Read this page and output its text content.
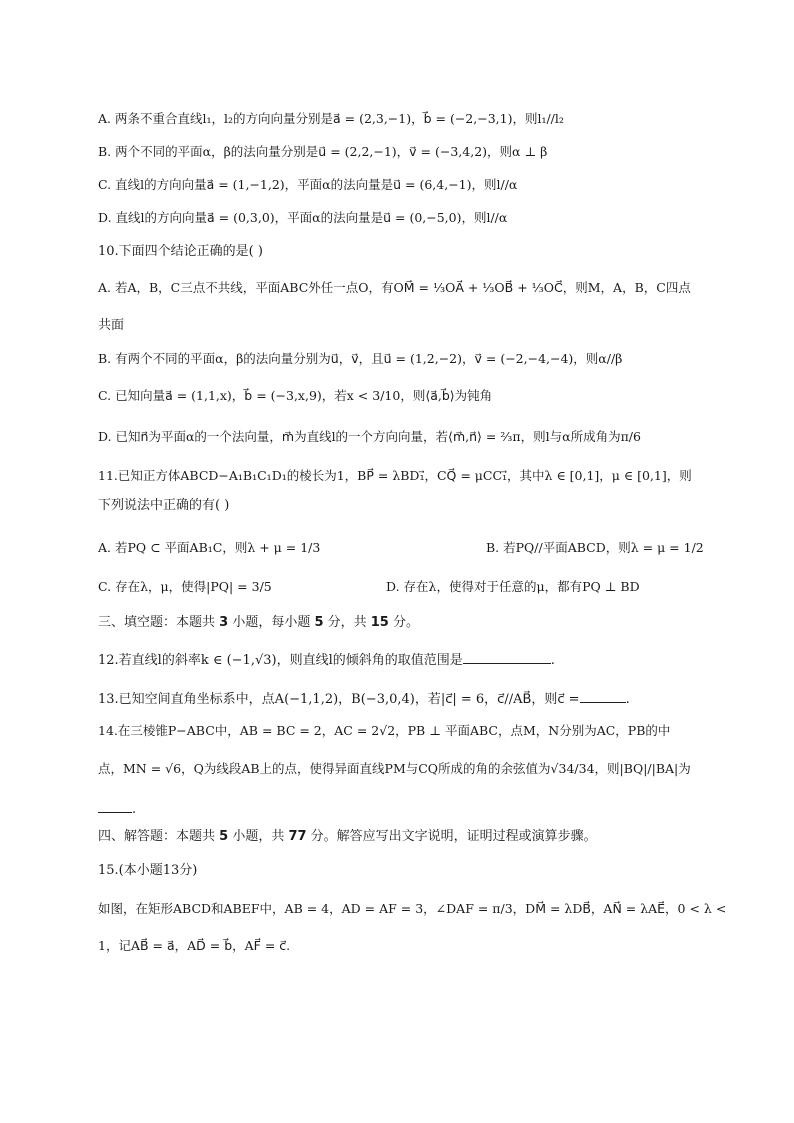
A. 两条不重合直线l₁，l₂的方向向量分别是a⃗ = (2,3,−1)，b⃗ = (−2,−3,1)，则l₁//l₂
B. 两个不同的平面α，β的法向量分别是u⃗ = (2,2,−1)，v⃗ = (−3,4,2)，则α ⊥ β
C. 直线l的方向向量a⃗ = (1,−1,2)，平面α的法向量是u⃗ = (6,4,−1)，则l//α
D. 直线l的方向向量a⃗ = (0,3,0)，平面α的法向量是u⃗ = (0,−5,0)，则l//α
10.下面四个结论正确的是( )
A. 若A，B，C三点不共线，平面ABC外任一点O，有OM⃗ = ⅓OA⃗ + ⅓OB⃗ + ⅓OC⃗，则M，A，B，C四点
共面
B. 有两个不同的平面α，β的法向量分别为u⃗，v⃗，且u⃗ = (1,2,−2)，v⃗ = (−2,−4,−4)，则α//β
C. 已知向量a⃗ = (1,1,x)，b⃗ = (−3,x,9)，若x < 3/10，则⟨a⃗,b⃗⟩为钝角
D. 已知n⃗为平面α的一个法向量，m⃗为直线l的一个方向向量，若⟨m⃗,n⃗⟩ = ⅔π，则l与α所成角为π/6
11.已知正方体ABCD−A₁B₁C₁D₁的棱长为1，BP⃗ = λBD₁⃗，CQ⃗ = μCC₁⃗，其中λ ∈ [0,1]，μ ∈ [0,1]，则
下列说法中正确的有( )
A. 若PQ ⊂ 平面AB₁C，则λ + μ = 1/3	B. 若PQ//平面ABCD，则λ = μ = 1/2
C. 存在λ，μ，使得|PQ| = 3/5	D. 存在λ，使得对于任意的μ，都有PQ ⊥ BD
三、填空题：本题共 3 小题，每小题 5 分，共 15 分。
12.若直线l的斜率k ∈ (−1,√3)，则直线l的倾斜角的取值范围是	.
13.已知空间直角坐标系中，点A(−1,1,2)，B(−3,0,4)，若|c⃗| = 6，c⃗//AB⃗，则c⃗ =	.
14.在三棱锥P−ABC中，AB = BC = 2，AC = 2√2，PB ⊥ 平面ABC，点M，N分别为AC，PB的中
点，MN = √6，Q为线段AB上的点，使得异面直线PM与CQ所成的角的余弦值为√34/34，则|BQ|/|BA|为
.
四、解答题：本题共 5 小题，共 77 分。解答应写出文字说明，证明过程或演算步骤。
15.(本小题13分)
如图，在矩形ABCD和ABEF中，AB = 4，AD = AF = 3，∠DAF = π/3，DM⃗ = λDB⃗，AN⃗ = λAE⃗，0 < λ <
1，记AB⃗ = a⃗，AD⃗ = b⃗，AF⃗ = c⃗.
